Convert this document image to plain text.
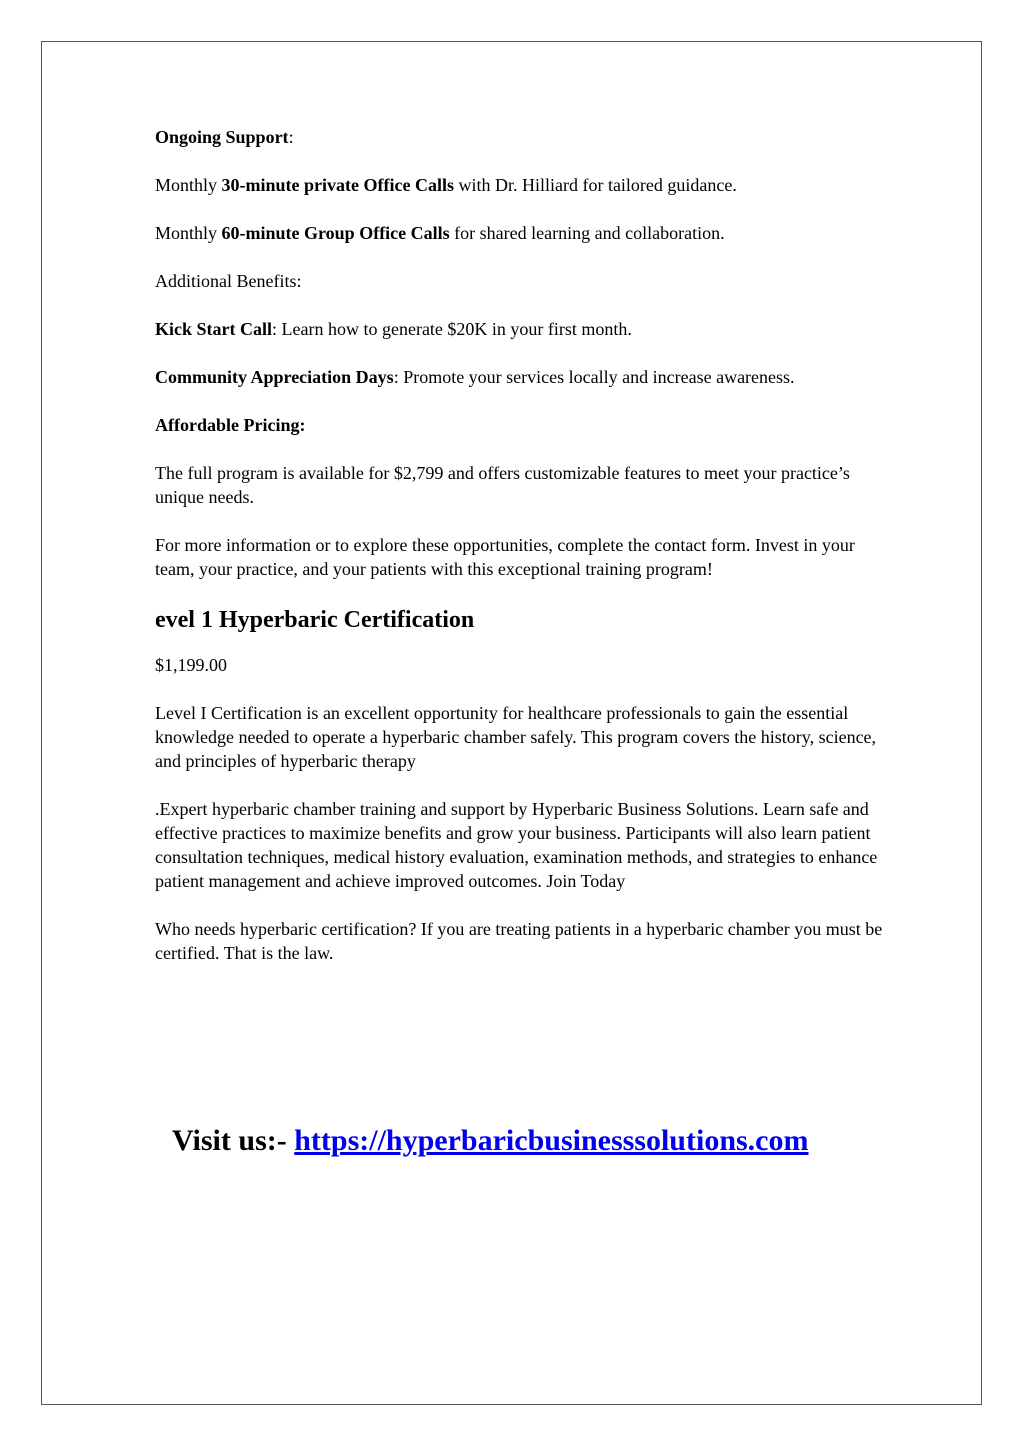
Ongoing Support:

Monthly 30-minute private Office Calls with Dr. Hilliard for tailored guidance.

Monthly 60-minute Group Office Calls for shared learning and collaboration.

Additional Benefits:

Kick Start Call: Learn how to generate $20K in your first month.

Community Appreciation Days: Promote your services locally and increase awareness.

Affordable Pricing:

The full program is available for $2,799 and offers customizable features to meet your practice’s unique needs.

For more information or to explore these opportunities, complete the contact form. Invest in your team, your practice, and your patients with this exceptional training program!

evel 1 Hyperbaric Certification

$1,199.00

Level I Certification is an excellent opportunity for healthcare professionals to gain the essential knowledge needed to operate a hyperbaric chamber safely. This program covers the history, science, and principles of hyperbaric therapy

.Expert hyperbaric chamber training and support by Hyperbaric Business Solutions. Learn safe and effective practices to maximize benefits and grow your business. Participants will also learn patient consultation techniques, medical history evaluation, examination methods, and strategies to enhance patient management and achieve improved outcomes. Join Today

Who needs hyperbaric certification? If you are treating patients in a hyperbaric chamber you must be certified. That is the law.

Visit us:- https://hyperbaricbusinesssolutions.com
